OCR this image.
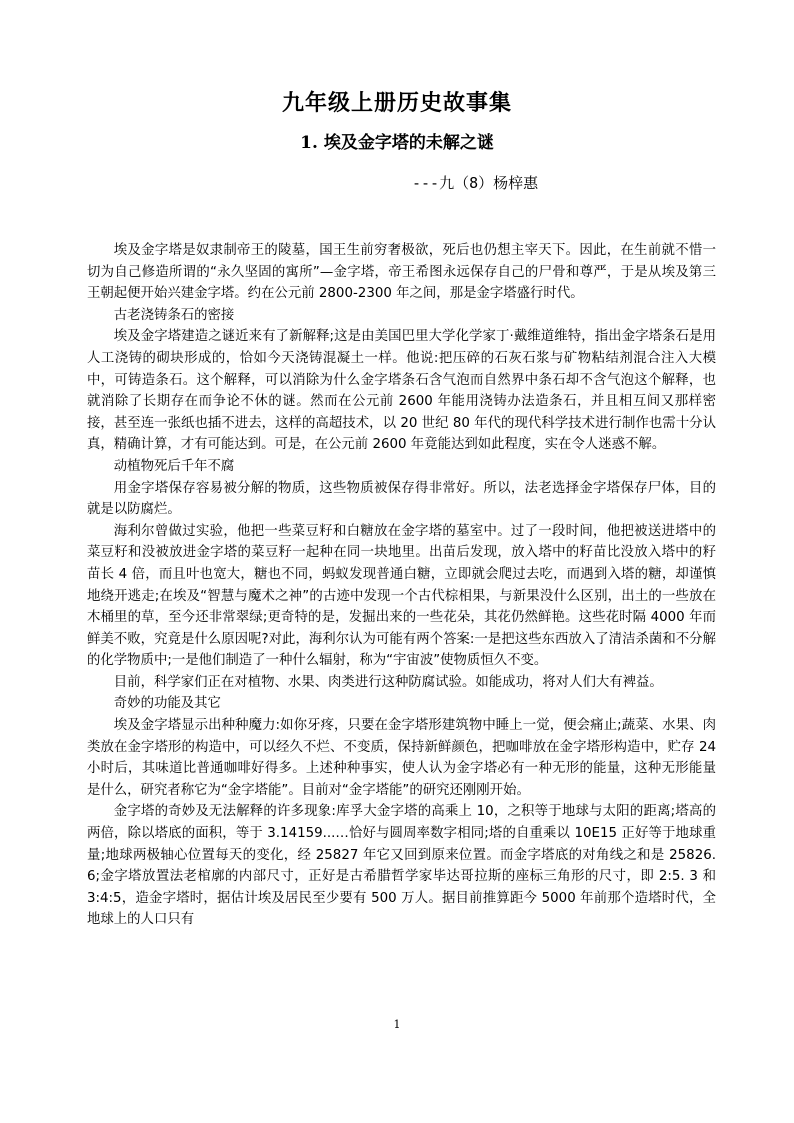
九年级上册历史故事集
1. 埃及金字塔的未解之谜
---九（8）杨梓惠

埃及金字塔是奴隶制帝王的陵墓，国王生前穷奢极欲，死后也仍想主宰天下。因此，在生前就不惜一切为自己修造所谓的“永久坚固的寓所”—金字塔，帝王希图永远保存自己的尸骨和尊严，于是从埃及第三王朝起便开始兴建金字塔。约在公元前 2800-2300 年之间，那是金字塔盛行时代。

古老浇铸条石的密接

埃及金字塔建造之谜近来有了新解释;这是由美国巴里大学化学家丁·戴维道维特，指出金字塔条石是用人工浇铸的砌块形成的，恰如今天浇铸混凝土一样。他说:把压碎的石灰石浆与矿物粘结剂混合注入大模中，可铸造条石。这个解释，可以消除为什么金字塔条石含气泡而自然界中条石却不含气泡这个解释，也就消除了长期存在而争论不休的谜。然而在公元前 2600 年能用浇铸办法造条石，并且相互间又那样密接，甚至连一张纸也插不进去，这样的高超技术，以 20 世纪 80 年代的现代科学技术进行制作也需十分认真，精确计算，才有可能达到。可是，在公元前 2600 年竟能达到如此程度，实在令人迷惑不解。

动植物死后千年不腐

用金字塔保存容易被分解的物质，这些物质被保存得非常好。所以，法老选择金字塔保存尸体，目的就是以防腐烂。

海利尔曾做过实验，他把一些菜豆籽和白糖放在金字塔的墓室中。过了一段时间，他把被送进塔中的菜豆籽和没被放进金字塔的菜豆籽一起种在同一块地里。出苗后发现，放入塔中的籽苗比没放入塔中的籽苗长 4 倍，而且叶也宽大，糖也不同，蚂蚁发现普通白糖，立即就会爬过去吃，而遇到入塔的糖，却谨慎地绕开逃走;在埃及“智慧与魔术之神”的古迹中发现一个古代棕相果，与新果没什么区别，出土的一些放在木桶里的草，至今还非常翠绿;更奇特的是，发掘出来的一些花朵，其花仍然鲜艳。这些花时隔 4000 年而鲜美不败，究竟是什么原因呢?对此，海利尔认为可能有两个答案:一是把这些东西放入了清洁杀菌和不分解的化学物质中;一是他们制造了一种什么辐射，称为“宇宙波”使物质恒久不变。

目前，科学家们正在对植物、水果、肉类进行这种防腐试验。如能成功，将对人们大有裨益。

奇妙的功能及其它

埃及金字塔显示出种种魔力:如你牙疼，只要在金字塔形建筑物中睡上一觉，便会痛止;蔬菜、水果、肉类放在金字塔形的构造中，可以经久不烂、不变质，保持新鲜颜色，把咖啡放在金字塔形构造中，贮存 24 小时后，其味道比普通咖啡好得多。上述种种事实，使人认为金字塔必有一种无形的能量，这种无形能量是什么，研究者称它为“金字塔能”。目前对“金字塔能”的研究还刚刚开始。

金字塔的奇妙及无法解释的许多现象:库孚大金字塔的高乘上 10，之积等于地球与太阳的距离;塔高的两倍，除以塔底的面积，等于 3.14159...…恰好与圆周率数字相同;塔的自重乘以 10E15 正好等于地球重量;地球两极轴心位置每天的变化，经 25827 年它又回到原来位置。而金字塔底的对角线之和是 25826. 6;金字塔放置法老棺廓的内部尺寸，正好是古希腊哲学家毕达哥拉斯的座标三角形的尺寸，即 2:5. 3 和 3:4:5，造金字塔时，据估计埃及居民至少要有 500 万人。据目前推算距今 5000 年前那个造塔时代，全地球上的人口只有

1
